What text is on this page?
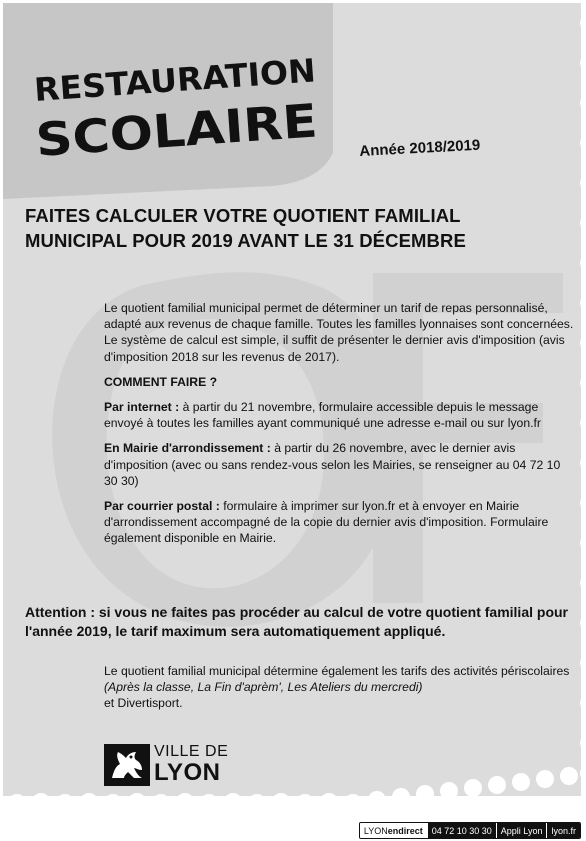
RESTAURATION
SCOLAIRE	Année 2018/2019
FAITES CALCULER VOTRE QUOTIENT FAMILIAL
MUNICIPAL POUR 2019 AVANT LE 31 DÉCEMBRE

Le quotient familial municipal permet de déterminer un tarif de repas personnalisé, adapté aux revenus de chaque famille. Toutes les familles lyonnaises sont concernées.

Le système de calcul est simple, il suffit de présenter le dernier avis d'imposition (avis d'imposition 2018 sur les revenus de 2017).

COMMENT FAIRE ?

Par internet : à partir du 21 novembre, formulaire accessible depuis le message envoyé à toutes les familles ayant communiqué une adresse e-mail ou sur lyon.fr

En Mairie d'arrondissement : à partir du 26 novembre, avec le dernier avis d'imposition (avec ou sans rendez-vous selon les Mairies, se renseigner au 04 72 10 30 30)

Par courrier postal : formulaire à imprimer sur lyon.fr et à envoyer en Mairie d'arrondissement accompagné de la copie du dernier avis d'imposition. Formulaire également disponible en Mairie.

Attention : si vous ne faites pas procéder au calcul de votre quotient familial pour l'année 2019, le tarif maximum sera automatiquement appliqué.

Le quotient familial municipal détermine également les tarifs des activités périscolaires (Après la classe, La Fin d'aprèm', Les Ateliers du mercredi)
et Divertisport.

VILLE DE
LYON
LYON endirect	04 72 10 30 30	Appli Lyon	lyon.fr
